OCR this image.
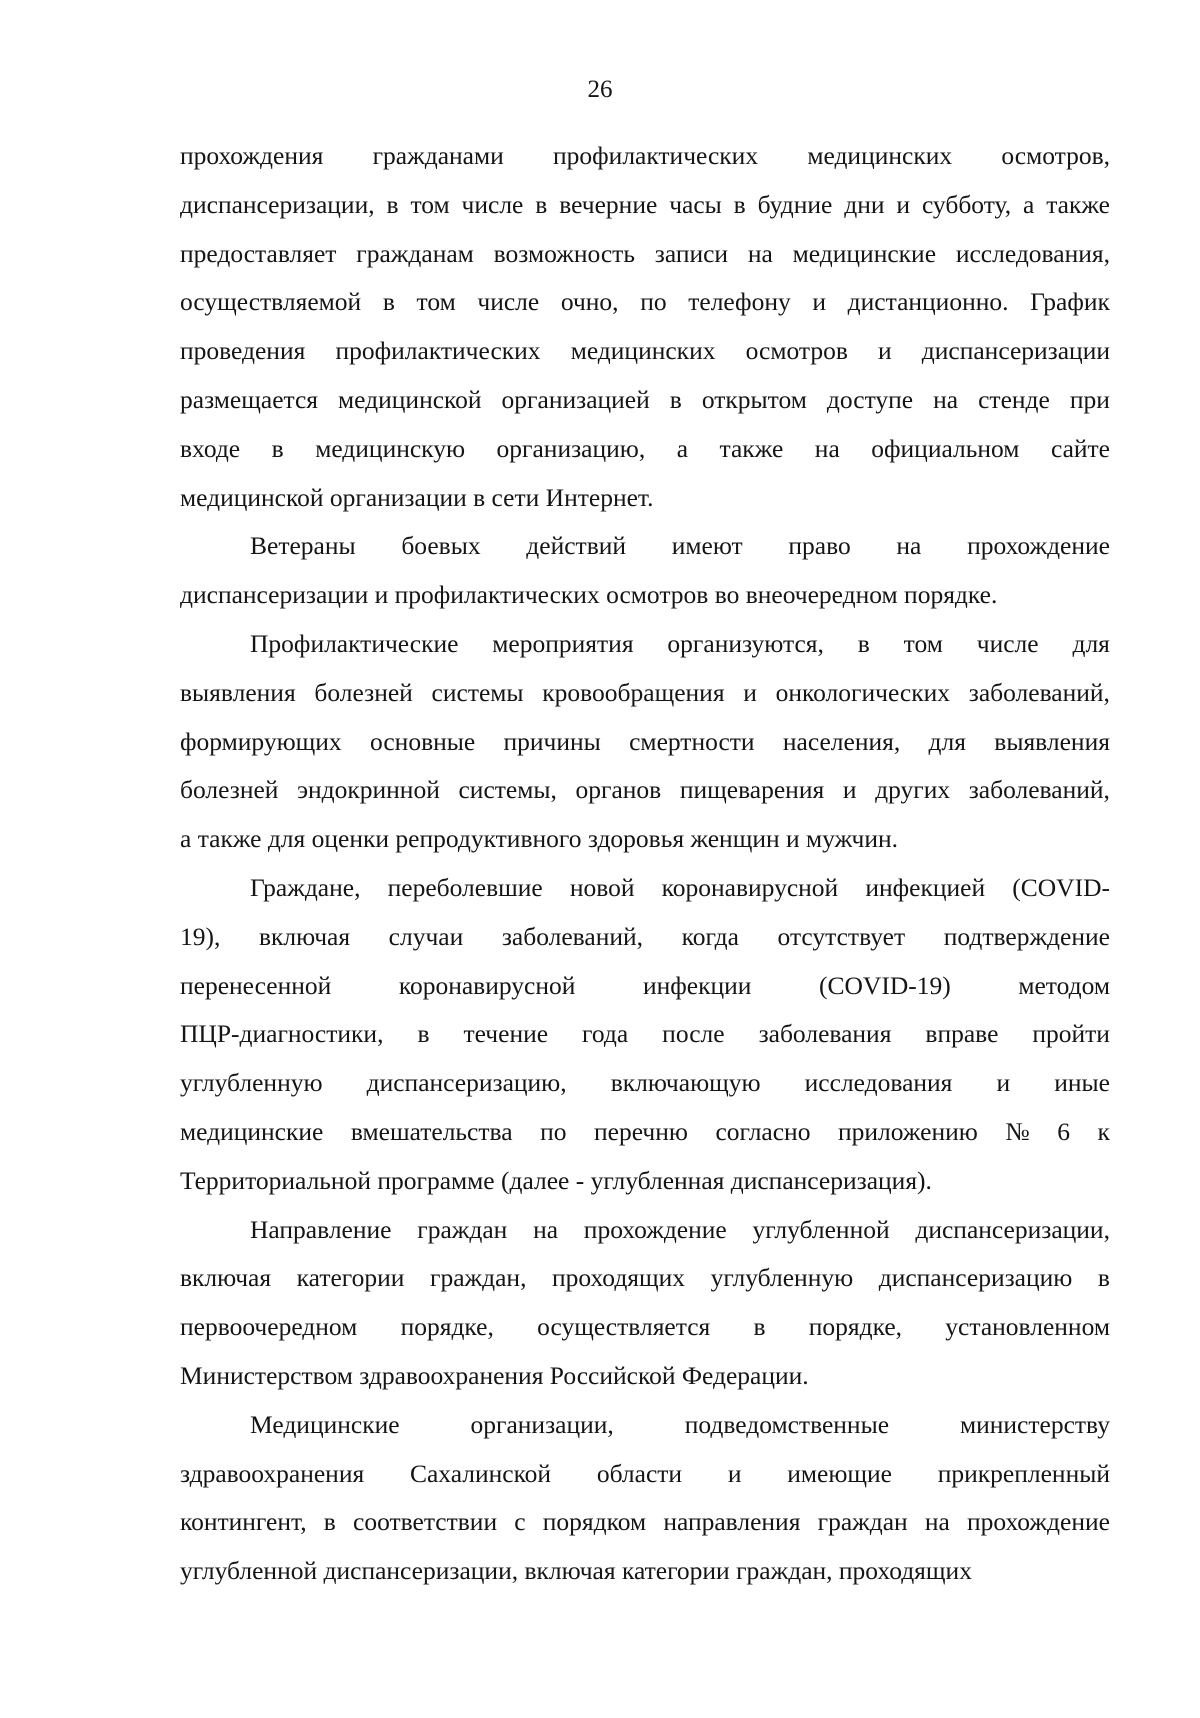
26
прохождения гражданами профилактических медицинских осмотров,
диспансеризации, в том числе в вечерние часы в будние дни и субботу, а также
предоставляет гражданам возможность записи на медицинские исследования,
осуществляемой в том числе очно, по телефону и дистанционно. График
проведения профилактических медицинских осмотров и диспансеризации
размещается медицинской организацией в открытом доступе на стенде при
входе в медицинскую организацию, а также на официальном сайте
медицинской организации в сети Интернет.
Ветераны боевых действий имеют право на прохождение
диспансеризации и профилактических осмотров во внеочередном порядке.
Профилактические мероприятия организуются, в том числе для
выявления болезней системы кровообращения и онкологических заболеваний,
формирующих основные причины смертности населения, для выявления
болезней эндокринной системы, органов пищеварения и других заболеваний,
а также для оценки репродуктивного здоровья женщин и мужчин.
Граждане, переболевшие новой коронавирусной инфекцией (COVID-
19), включая случаи заболеваний, когда отсутствует подтверждение
перенесенной	коронавирусной	инфекции	(COVID-19)	методом
ПЦР-диагностики, в течение года после заболевания вправе пройти
углубленную диспансеризацию, включающую исследования и иные
медицинские вмешательства по перечню согласно приложению № 6 к
Территориальной программе (далее - углубленная диспансеризация).
Направление граждан на прохождение углубленной диспансеризации,
включая категории граждан, проходящих углубленную диспансеризацию в
первоочередном порядке, осуществляется в порядке, установленном
Министерством здравоохранения Российской Федерации.
Медицинские	организации,	подведомственные	министерству
здравоохранения Сахалинской области и имеющие прикрепленный
контингент, в соответствии с порядком направления граждан на прохождение
углубленной диспансеризации, включая категории граждан, проходящих
